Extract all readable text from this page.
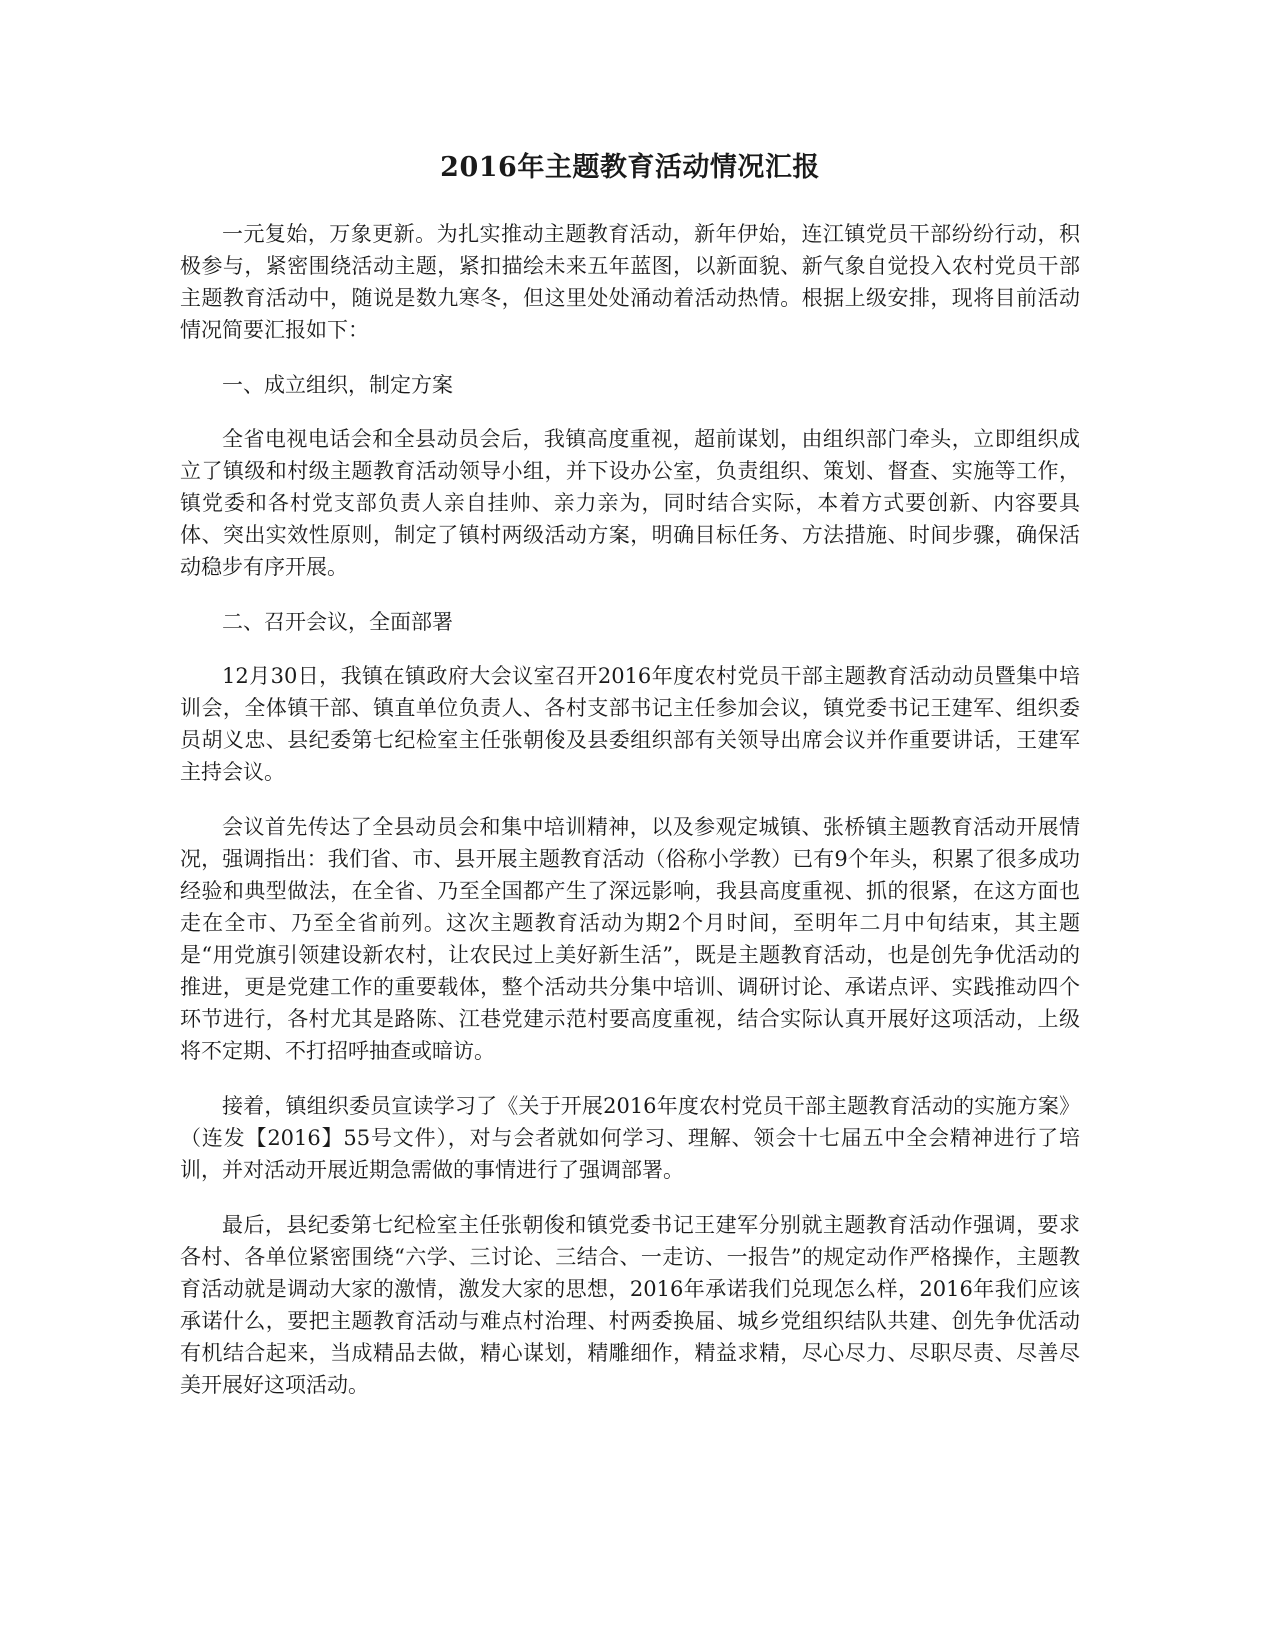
2016年主题教育活动情况汇报

一元复始，万象更新。为扎实推动主题教育活动，新年伊始，连江镇党员干部纷纷行动，积极参与，紧密围绕活动主题，紧扣描绘未来五年蓝图，以新面貌、新气象自觉投入农村党员干部主题教育活动中，随说是数九寒冬，但这里处处涌动着活动热情。根据上级安排，现将目前活动情况简要汇报如下：

一、成立组织，制定方案

全省电视电话会和全县动员会后，我镇高度重视，超前谋划，由组织部门牵头，立即组织成立了镇级和村级主题教育活动领导小组，并下设办公室，负责组织、策划、督查、实施等工作，镇党委和各村党支部负责人亲自挂帅、亲力亲为，同时结合实际，本着方式要创新、内容要具体、突出实效性原则，制定了镇村两级活动方案，明确目标任务、方法措施、时间步骤，确保活动稳步有序开展。

二、召开会议，全面部署

12月30日，我镇在镇政府大会议室召开2016年度农村党员干部主题教育活动动员暨集中培训会，全体镇干部、镇直单位负责人、各村支部书记主任参加会议，镇党委书记王建军、组织委员胡义忠、县纪委第七纪检室主任张朝俊及县委组织部有关领导出席会议并作重要讲话，王建军主持会议。

会议首先传达了全县动员会和集中培训精神，以及参观定城镇、张桥镇主题教育活动开展情况，强调指出：我们省、市、县开展主题教育活动（俗称小学教）已有9个年头，积累了很多成功经验和典型做法，在全省、乃至全国都产生了深远影响，我县高度重视、抓的很紧，在这方面也走在全市、乃至全省前列。这次主题教育活动为期2个月时间，至明年二月中旬结束，其主题是“用党旗引领建设新农村，让农民过上美好新生活”，既是主题教育活动，也是创先争优活动的推进，更是党建工作的重要载体，整个活动共分集中培训、调研讨论、承诺点评、实践推动四个环节进行，各村尤其是路陈、江巷党建示范村要高度重视，结合实际认真开展好这项活动，上级将不定期、不打招呼抽查或暗访。

接着，镇组织委员宣读学习了《关于开展2016年度农村党员干部主题教育活动的实施方案》（连发【2016】55号文件），对与会者就如何学习、理解、领会十七届五中全会精神进行了培训，并对活动开展近期急需做的事情进行了强调部署。

最后，县纪委第七纪检室主任张朝俊和镇党委书记王建军分别就主题教育活动作强调，要求各村、各单位紧密围绕“六学、三讨论、三结合、一走访、一报告”的规定动作严格操作，主题教育活动就是调动大家的激情，激发大家的思想，2016年承诺我们兑现怎么样，2016年我们应该承诺什么，要把主题教育活动与难点村治理、村两委换届、城乡党组织结队共建、创先争优活动有机结合起来，当成精品去做，精心谋划，精雕细作，精益求精，尽心尽力、尽职尽责、尽善尽美开展好这项活动。
